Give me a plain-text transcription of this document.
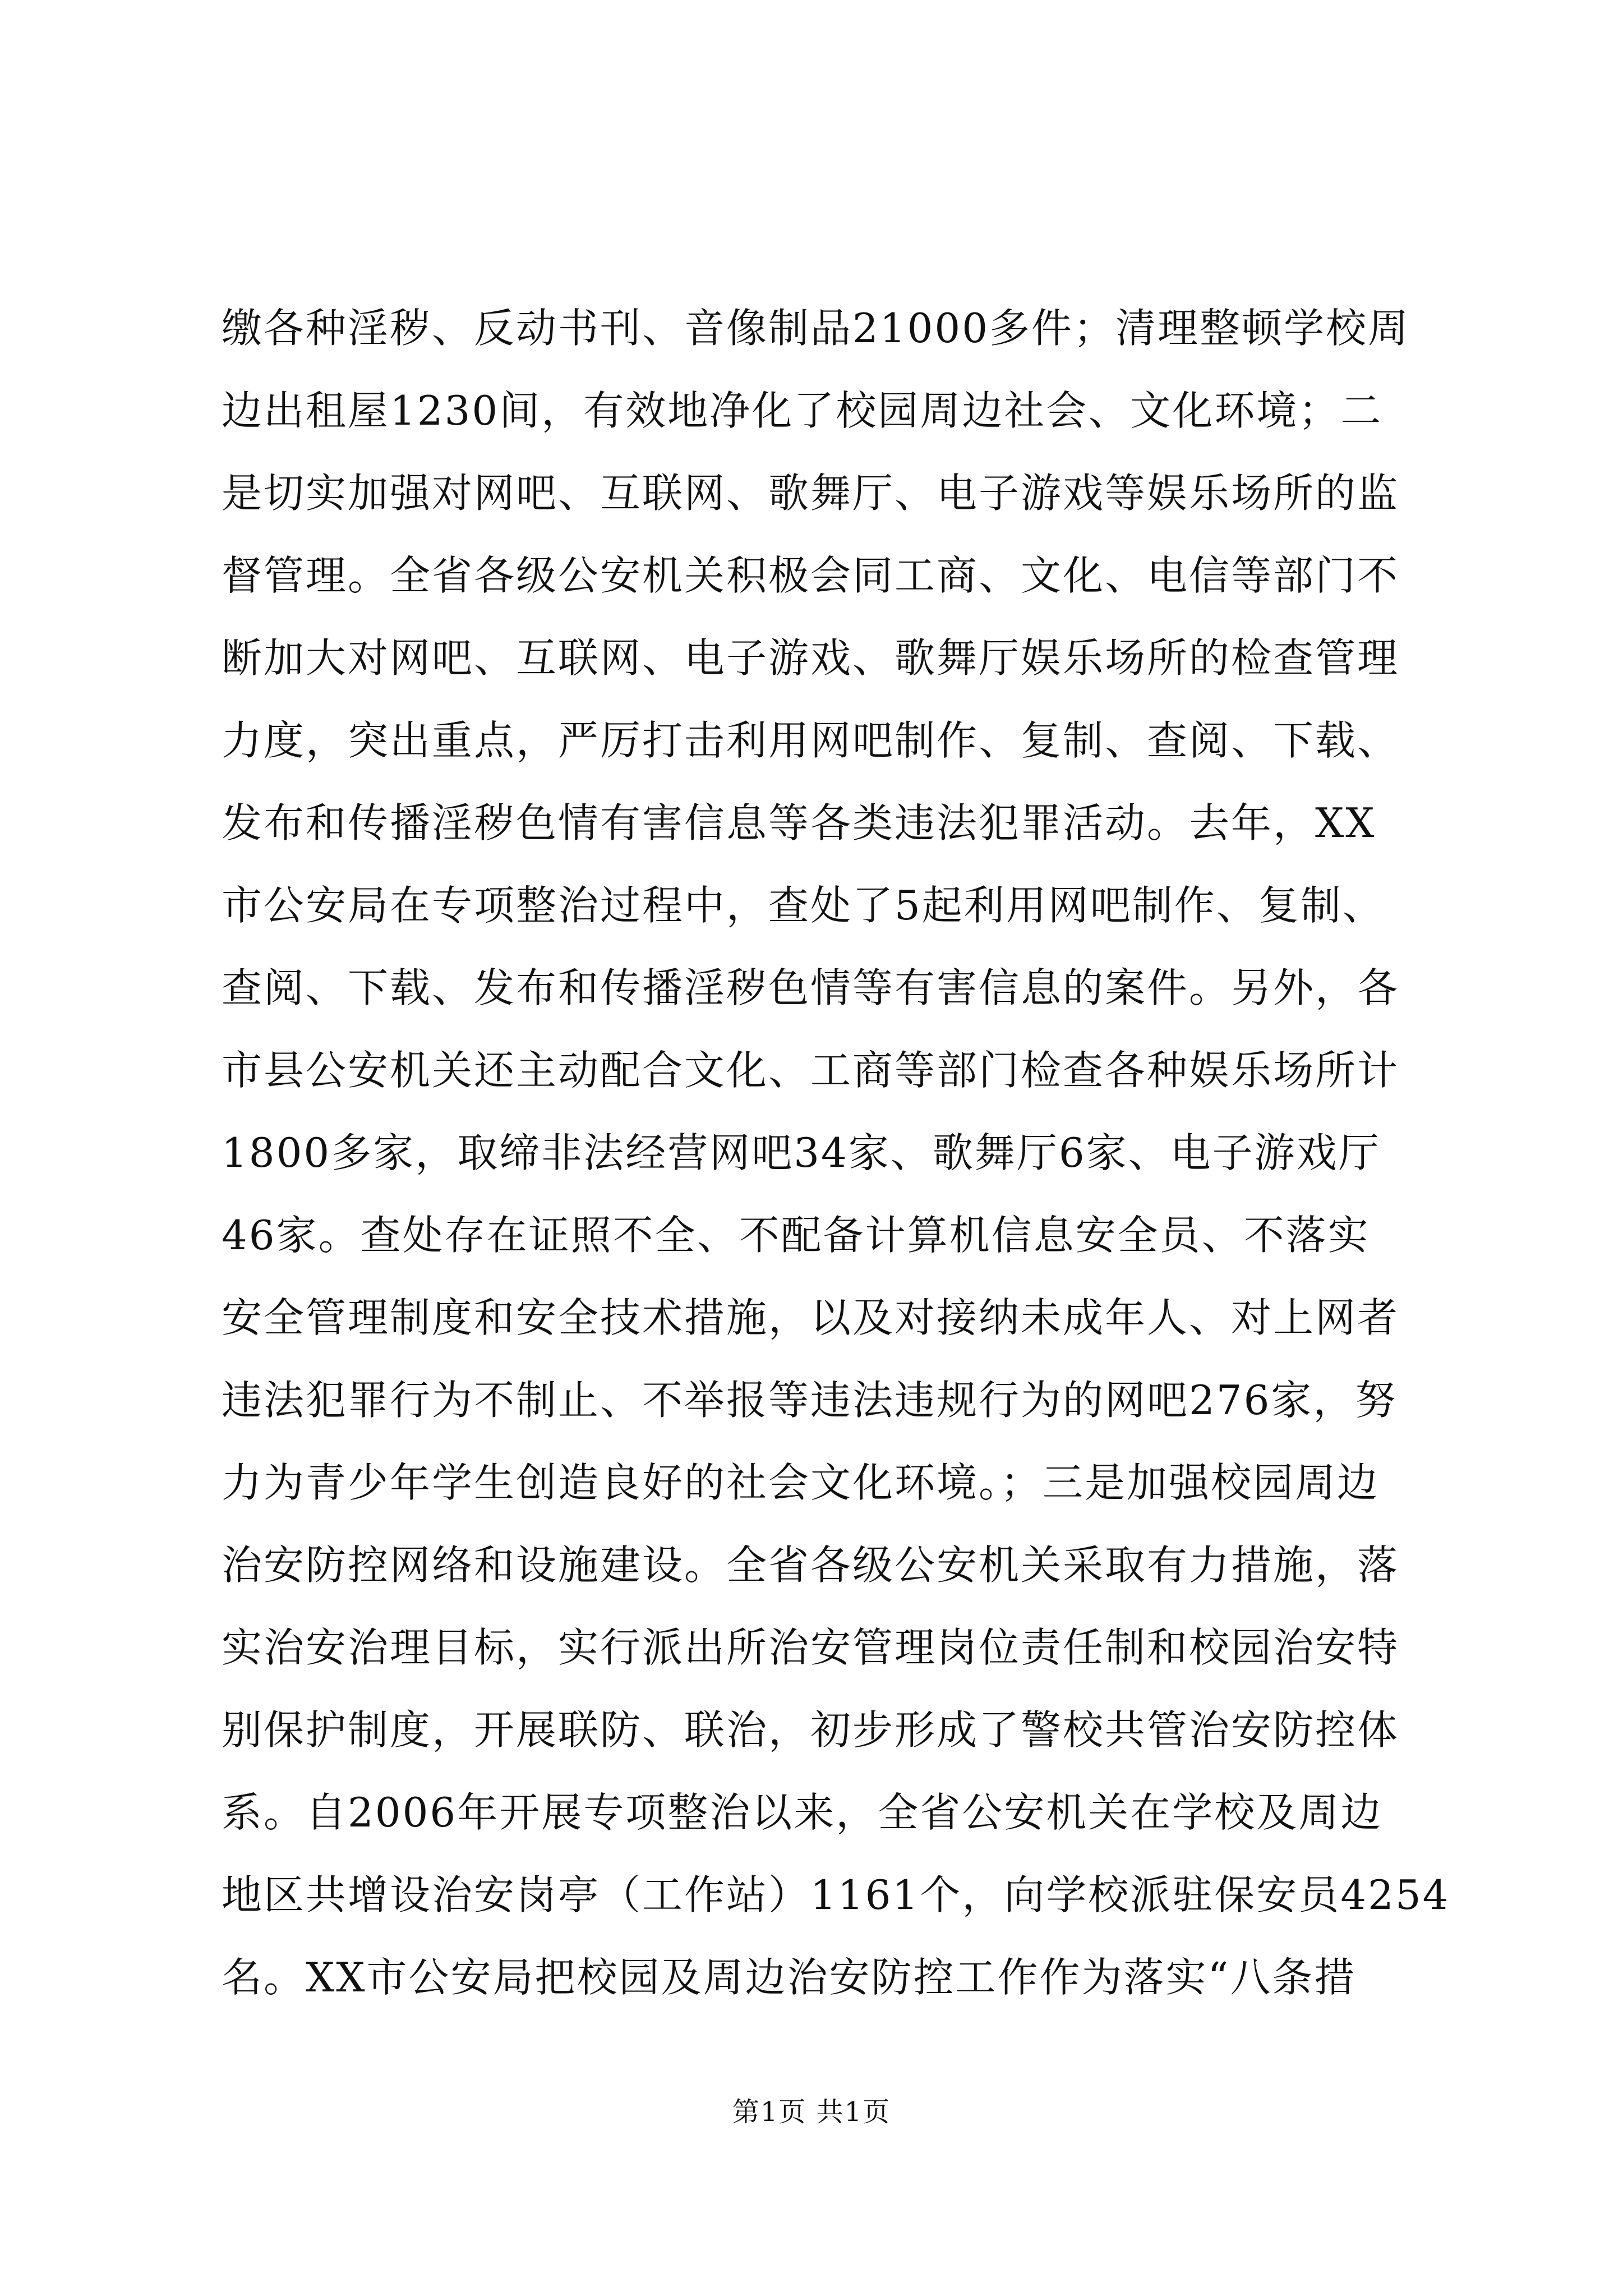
缴各种淫秽、反动书刊、音像制品21000多件；清理整顿学校周
边出租屋1230间，有效地净化了校园周边社会、文化环境；二
是切实加强对网吧、互联网、歌舞厅、电子游戏等娱乐场所的监
督管理。全省各级公安机关积极会同工商、文化、电信等部门不
断加大对网吧、互联网、电子游戏、歌舞厅娱乐场所的检查管理
力度，突出重点，严厉打击利用网吧制作、复制、查阅、下载、
发布和传播淫秽色情有害信息等各类违法犯罪活动。去年，XX
市公安局在专项整治过程中，查处了5起利用网吧制作、复制、
查阅、下载、发布和传播淫秽色情等有害信息的案件。另外，各
市县公安机关还主动配合文化、工商等部门检查各种娱乐场所计
1800多家，取缔非法经营网吧34家、歌舞厅6家、电子游戏厅
46家。查处存在证照不全、不配备计算机信息安全员、不落实
安全管理制度和安全技术措施，以及对接纳未成年人、对上网者
违法犯罪行为不制止、不举报等违法违规行为的网吧276家，努
力为青少年学生创造良好的社会文化环境。；三是加强校园周边
治安防控网络和设施建设。全省各级公安机关采取有力措施，落
实治安治理目标，实行派出所治安管理岗位责任制和校园治安特
别保护制度，开展联防、联治，初步形成了警校共管治安防控体
系。自2006年开展专项整治以来，全省公安机关在学校及周边
地区共增设治安岗亭（工作站）1161个，向学校派驻保安员4254
名。XX市公安局把校园及周边治安防控工作作为落实“八条措
第1页 共1页
